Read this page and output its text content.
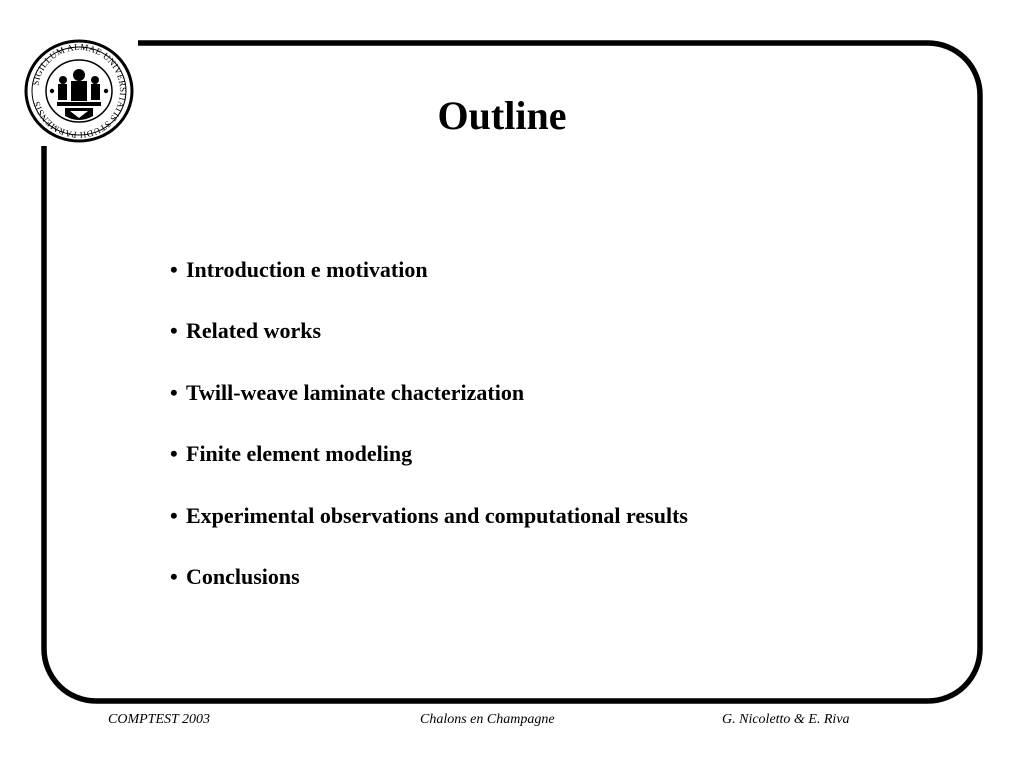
SIGILLUM ALMAE UNIVERSITATIS STUDII PARMENSIS	Outline
• Introduction e motivation
• Related works
• Twill-weave laminate chacterization
• Finite element modeling
• Experimental observations and computational results
• Conclusions
COMPTEST 2003	Chalons en Champagne	G. Nicoletto & E. Riva
